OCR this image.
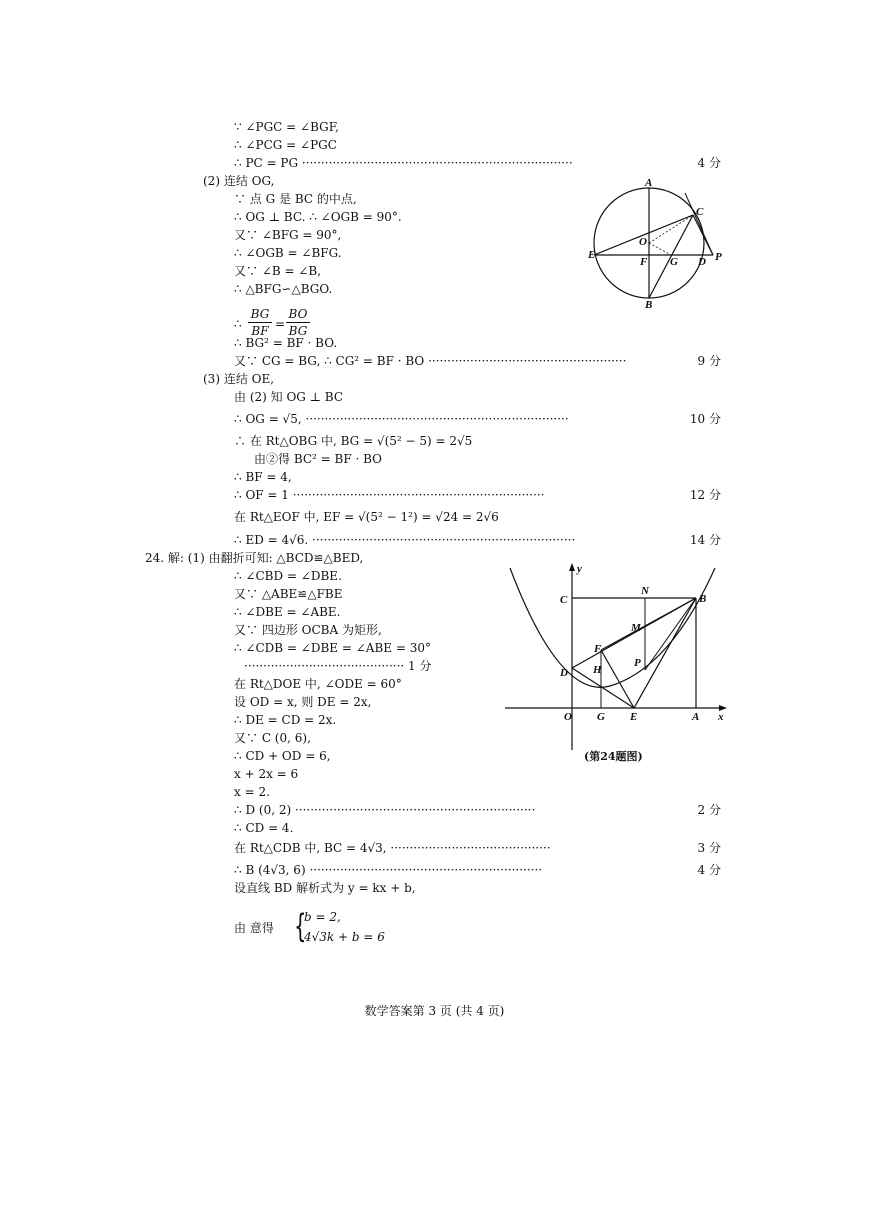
∵ ∠PGC = ∠BGF,
∴ ∠PCG = ∠PGC
∴ PC = PG ·······································································
(2) 连结 OG,
∵ 点 G 是 BC 的中点,
∴ OG ⊥ BC. ∴ ∠OGB = 90°.
又∵ ∠BFG = 90°,
∴ ∠OGB = ∠BFG.
又∵ ∠B = ∠B,
∴ △BFG∽△BGO.
∴ BG² = BF · BO.
又∵ CG = BG, ∴ CG² = BF · BO ····················································
(3) 连结 OE,
由 (2) 知 OG ⊥ BC
∴ OG = √5, ·····································································
∴ 在 Rt△OBG 中, BG = √(5² − 5) = 2√5
由②得 BC² = BF · BO
∴ BF = 4,
∴ OF = 1 ··································································
在 Rt△EOF 中, EF = √(5² − 1²) = √24 = 2√6
∴ ED = 4√6. ·····································································
24. 解: (1) 由翻折可知: △BCD≌△BED,
∴ ∠CBD = ∠DBE.
又∵ △ABE≌△FBE
∴ ∠DBE = ∠ABE.
又∵ 四边形 OCBA 为矩形,
∴ ∠CDB = ∠DBE = ∠ABE = 30°
·········································· 1 分
在 Rt△DOE 中, ∠ODE = 60°
设 OD = x, 则 DE = 2x,
∴ DE = CD = 2x.
又∵ C (0, 6),
∴ CD + OD = 6,
x + 2x = 6
x = 2.
∴ D (0, 2) ·······························································
∴ CD = 4.
在 Rt△CDB 中, BC = 4√3, ··········································
∴ B (4√3, 6) ·····························································
设直线 BD 解析式为 y = kx + b,
4 分
9 分
10 分
12 分
14 分
2 分
3 分
4 分
∴
BG
BF =
BO
BG
由 意得 {
b = 2,
4√3k + b = 6
A
C
E
O
F G D P
B
y
x
C
N
B
M
F
D H
P
O G E	A
(第24题图)
数学答案第 3 页 (共 4 页)
